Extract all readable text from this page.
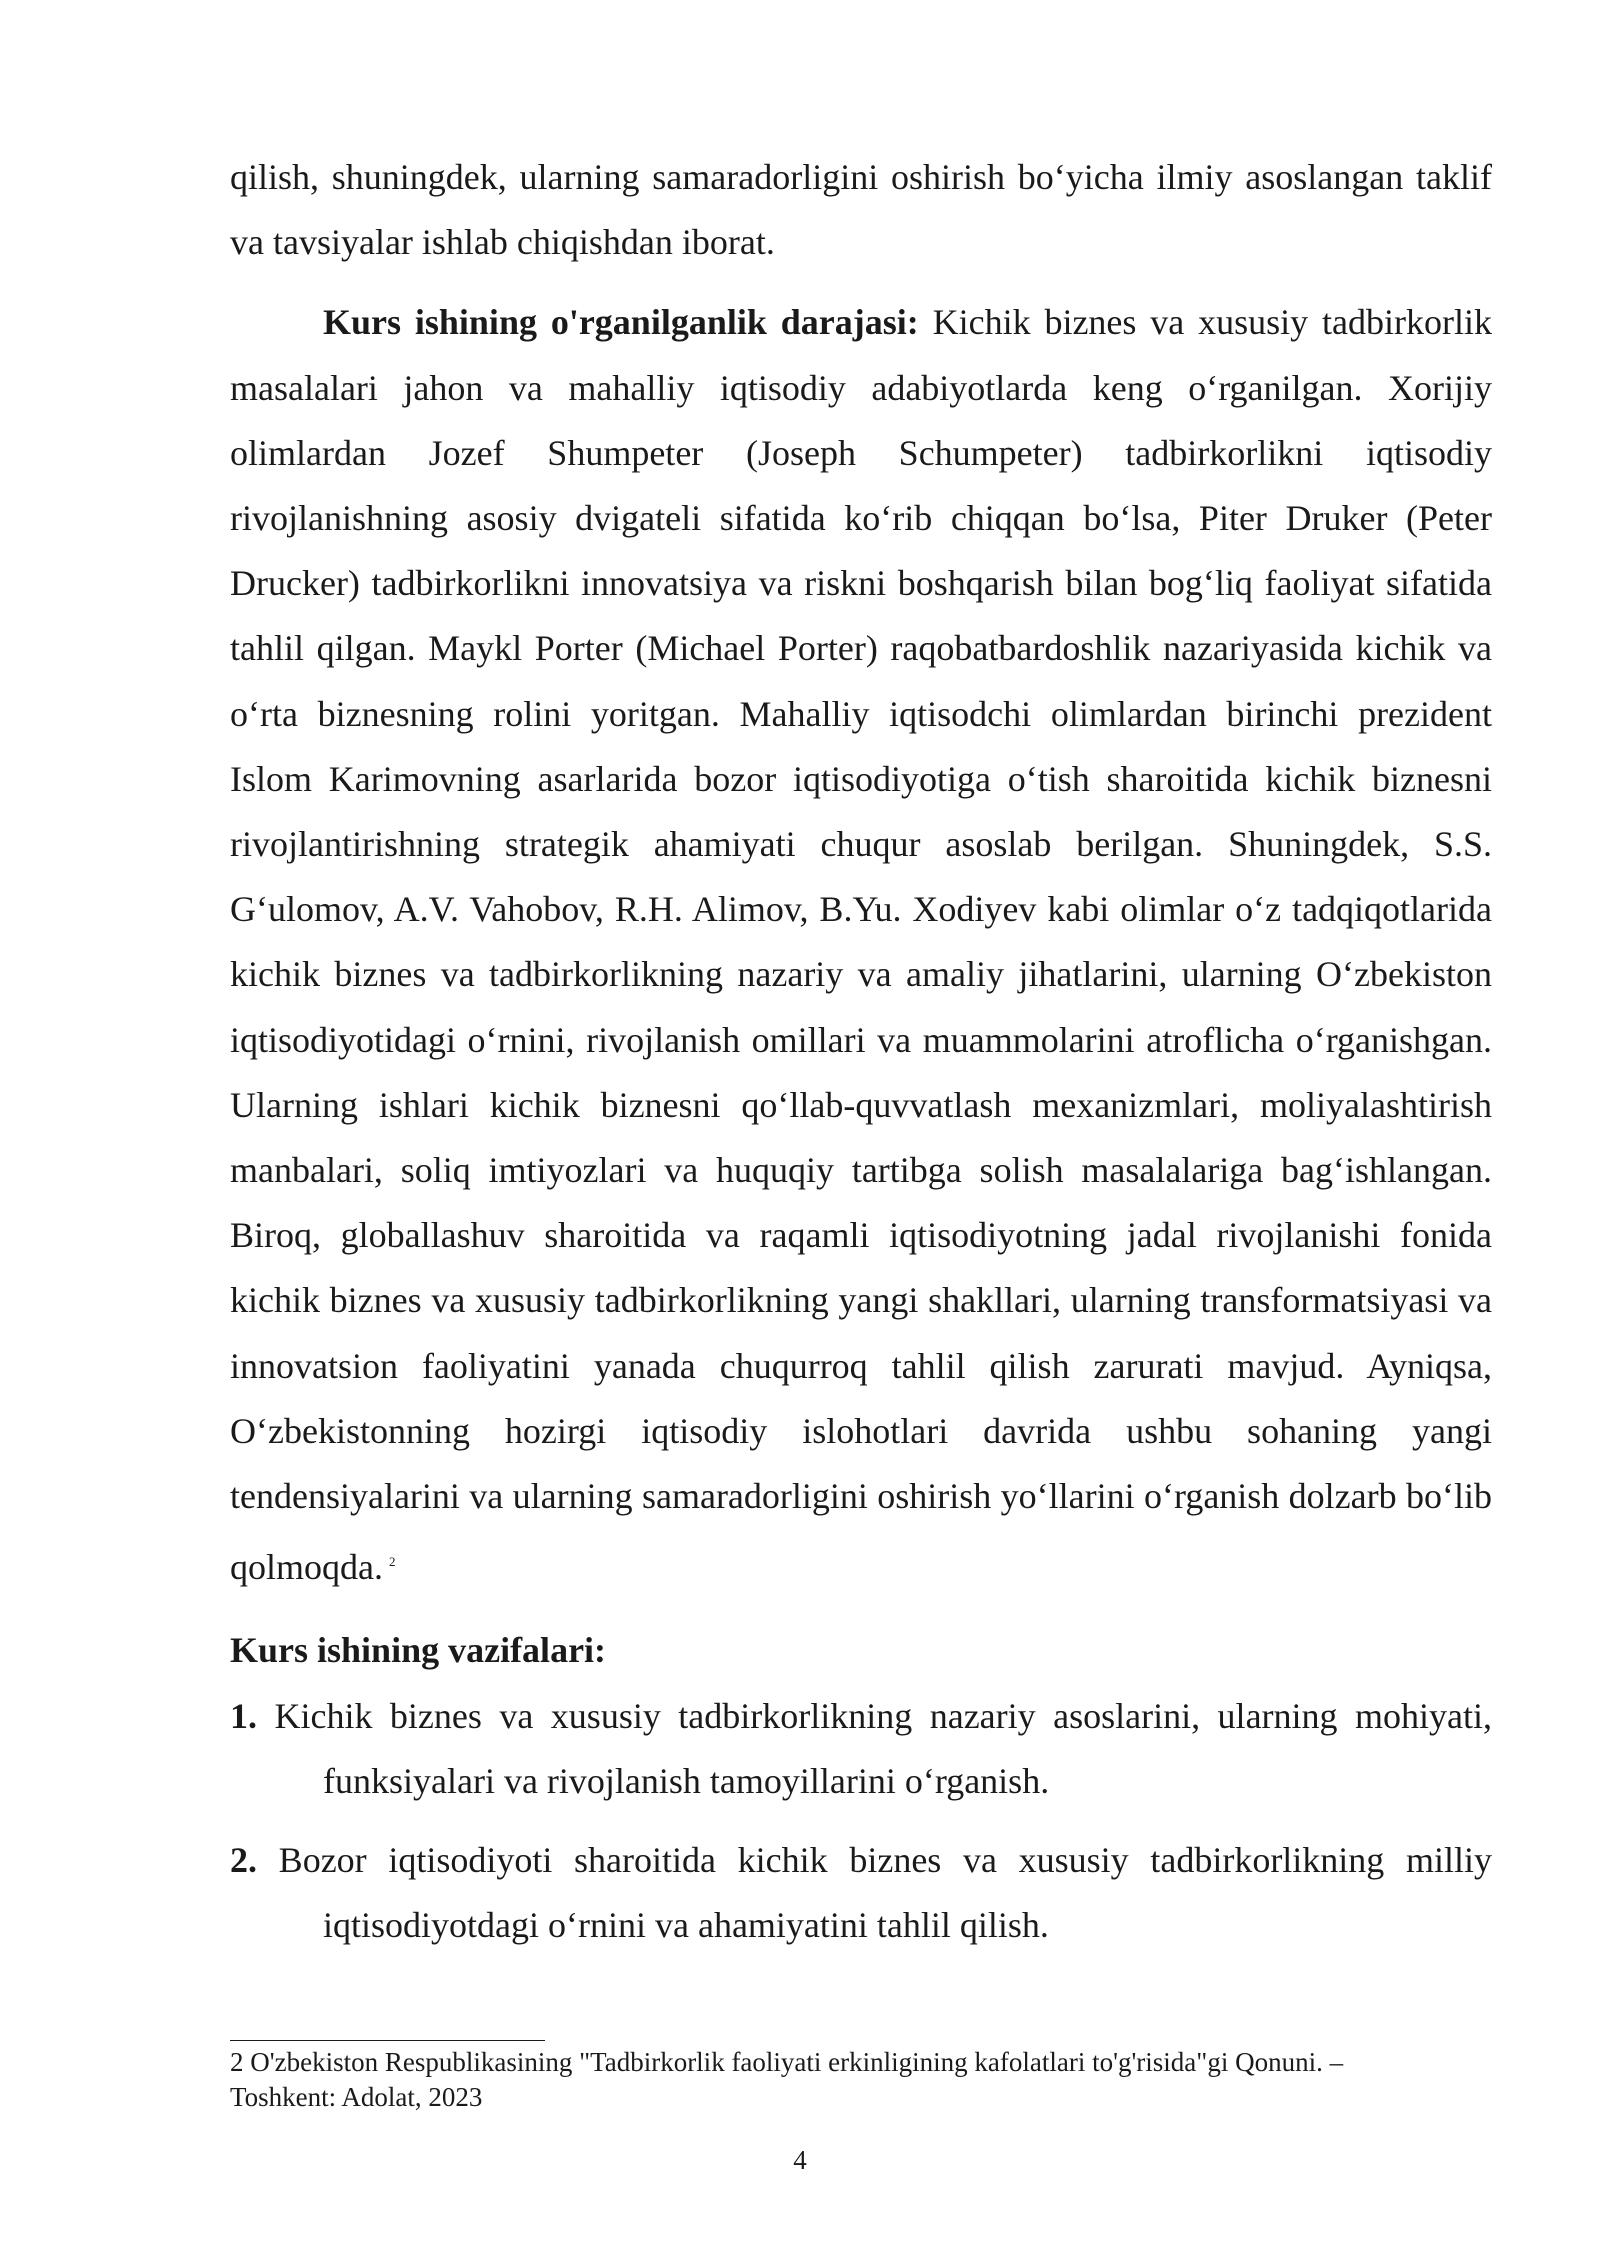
qilish, shuningdek, ularning samaradorligini oshirish bo‘yicha ilmiy asoslangan taklif va tavsiyalar ishlab chiqishdan iborat.

Kurs ishining o'rganilganlik darajasi: Kichik biznes va xususiy tadbirkorlik masalalari jahon va mahalliy iqtisodiy adabiyotlarda keng o‘rganilgan. Xorijiy olimlardan Jozef Shumpeter (Joseph Schumpeter) tadbirkorlikni iqtisodiy rivojlanishning asosiy dvigateli sifatida ko‘rib chiqqan bo‘lsa, Piter Druker (Peter Drucker) tadbirkorlikni innovatsiya va riskni boshqarish bilan bog‘liq faoliyat sifatida tahlil qilgan. Maykl Porter (Michael Porter) raqobatbardoshlik nazariyasida kichik va o‘rta biznesning rolini yoritgan. Mahalliy iqtisodchi olimlardan birinchi prezident Islom Karimovning asarlarida bozor iqtisodiyotiga o‘tish sharoitida kichik biznesni rivojlantirishning strategik ahamiyati chuqur asoslab berilgan. Shuningdek, S.S. G‘ulomov, A.V. Vahobov, R.H. Alimov, B.Yu. Xodiyev kabi olimlar o‘z tadqiqotlarida kichik biznes va tadbirkorlikning nazariy va amaliy jihatlarini, ularning O‘zbekiston iqtisodiyotidagi o‘rnini, rivojlanish omillari va muammolarini atroflicha o‘rganishgan. Ularning ishlari kichik biznesni qo‘llab-quvvatlash mexanizmlari, moliyalashtirish manbalari, soliq imtiyozlari va huquqiy tartibga solish masalalariga bag‘ishlangan. Biroq, globallashuv sharoitida va raqamli iqtisodiyotning jadal rivojlanishi fonida kichik biznes va xususiy tadbirkorlikning yangi shakllari, ularning transformatsiyasi va innovatsion faoliyatini yanada chuqurroq tahlil qilish zarurati mavjud. Ayniqsa, O‘zbekistonning hozirgi iqtisodiy islohotlari davrida ushbu sohaning yangi tendensiyalarini va ularning samaradorligini oshirish yo‘llarini o‘rganish dolzarb bo‘lib qolmoqda. $^2$

Kurs ishining vazifalari:

1. Kichik biznes va xususiy tadbirkorlikning nazariy asoslarini, ularning mohiyati, funksiyalari va rivojlanish tamoyillarini o‘rganish.

2. Bozor iqtisodiyoti sharoitida kichik biznes va xususiy tadbirkorlikning milliy iqtisodiyotdagi o‘rnini va ahamiyatini tahlil qilish.

2 O'zbekiston Respublikasining "Tadbirkorlik faoliyati erkinligining kafolatlari to'g'risida"gi Qonuni. –

Toshkent: Adolat, 2023

4
